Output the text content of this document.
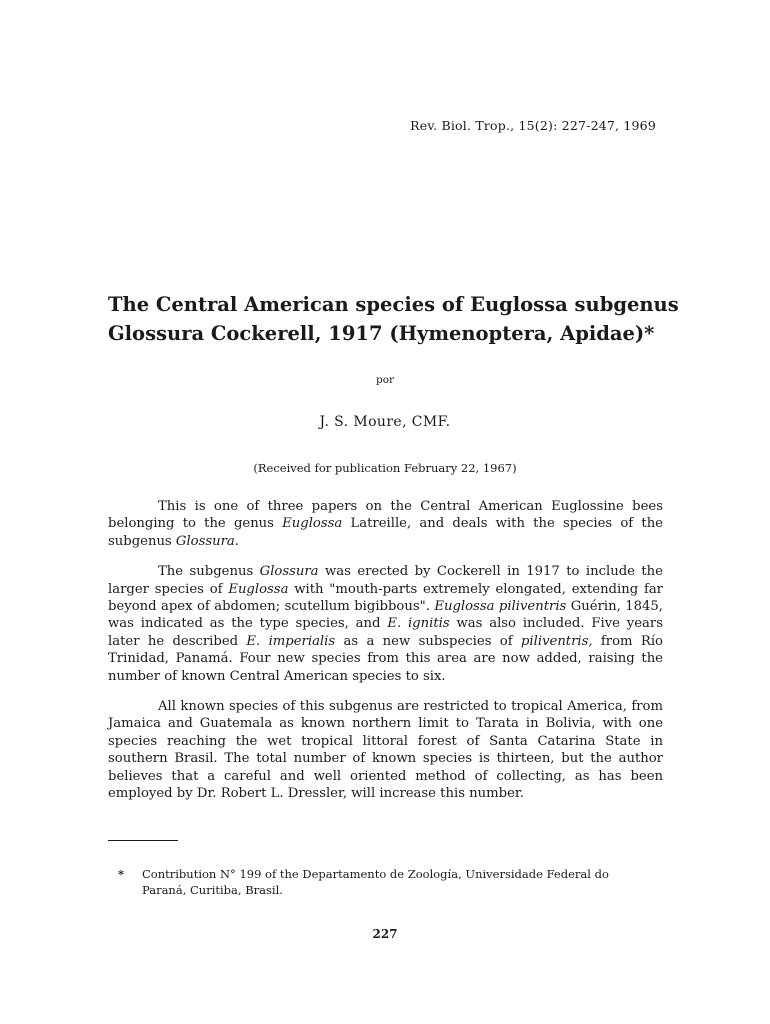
Rev. Biol. Trop., 15(2): 227-247, 1969
The Central American species of Euglossa subgenus
Glossura Cockerell, 1917 (Hymenoptera, Apidae)*
por
J. S. Moure, CMF.
(Received for publication February 22, 1967)

This is one of three papers on the Central American Euglossine bees belonging to the genus Euglossa Latreille, and deals with the species of the subgenus Glossura.

The subgenus Glossura was erected by Cockerell in 1917 to include the larger species of Euglossa with "mouth-parts extremely elongated, extending far beyond apex of abdomen; scutellum bigibbous". Euglossa piliventris Guérin, 1845, was indicated as the type species, and E. ignitis was also included. Five years later he described E. imperialis as a new subspecies of piliventris, from Río Trinidad, Panamá. Four new species from this area are now added, raising the number of known Central American species to six.

All known species of this subgenus are restricted to tropical America, from Jamaica and Guatemala as known northern limit to Tarata in Bolivia, with one species reaching the wet tropical littoral forest of Santa Catarina State in southern Brasil. The total number of known species is thirteen, but the author believes that a careful and well oriented method of collecting, as has been employed by Dr. Robert L. Dressler, will increase this number.

* Contribution N° 199 of the Departamento de Zoología, Universidade Federal do
Paraná, Curitiba, Brasil.
227
